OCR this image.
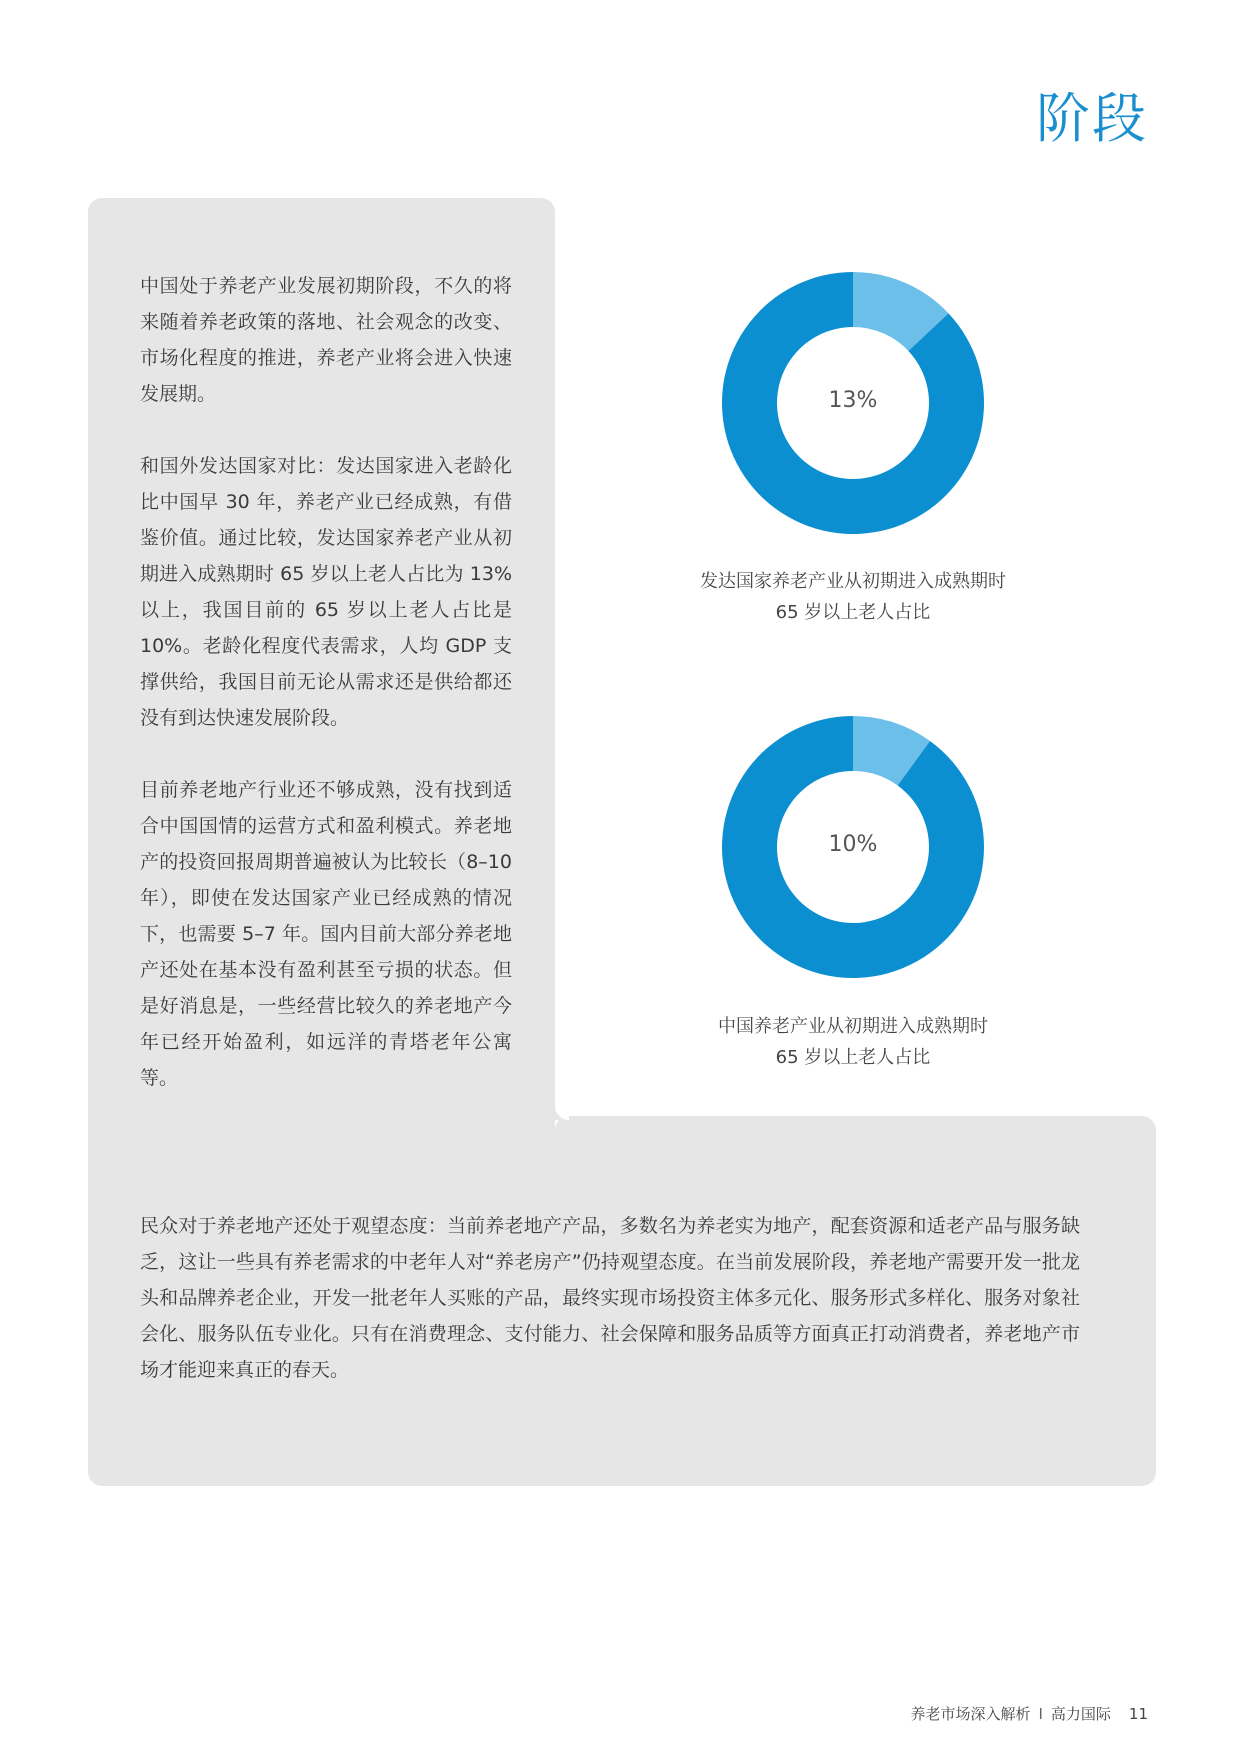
阶段

中国处于养老产业发展初期阶段，不久的将来随着养老政策的落地、社会观念的改变、市场化程度的推进，养老产业将会进入快速发展期。

和国外发达国家对比：发达国家进入老龄化比中国早 30 年，养老产业已经成熟，有借鉴价值。通过比较，发达国家养老产业从初期进入成熟期时 65 岁以上老人占比为 13% 以上，我国目前的 65 岁以上老人占比是 10%。老龄化程度代表需求，人均 GDP 支撑供给，我国目前无论从需求还是供给都还没有到达快速发展阶段。

目前养老地产行业还不够成熟，没有找到适合中国国情的运营方式和盈利模式。养老地产的投资回报周期普遍被认为比较长（8–10 年），即使在发达国家产业已经成熟的情况下，也需要 5–7 年。国内目前大部分养老地产还处在基本没有盈利甚至亏损的状态。但是好消息是，一些经营比较久的养老地产今年已经开始盈利，如远洋的青塔老年公寓等。

13%
发达国家养老产业从初期进入成熟期时
65 岁以上老人占比
10%
中国养老产业从初期进入成熟期时
65 岁以上老人占比

民众对于养老地产还处于观望态度：当前养老地产产品，多数名为养老实为地产，配套资源和适老产品与服务缺乏，这让一些具有养老需求的中老年人对“养老房产”仍持观望态度。在当前发展阶段，养老地产需要开发一批龙头和品牌养老企业，开发一批老年人买账的产品，最终实现市场投资主体多元化、服务形式多样化、服务对象社会化、服务队伍专业化。只有在消费理念、支付能力、社会保障和服务品质等方面真正打动消费者，养老地产市场才能迎来真正的春天。

养老市场深入解析 I 高力国际 11
